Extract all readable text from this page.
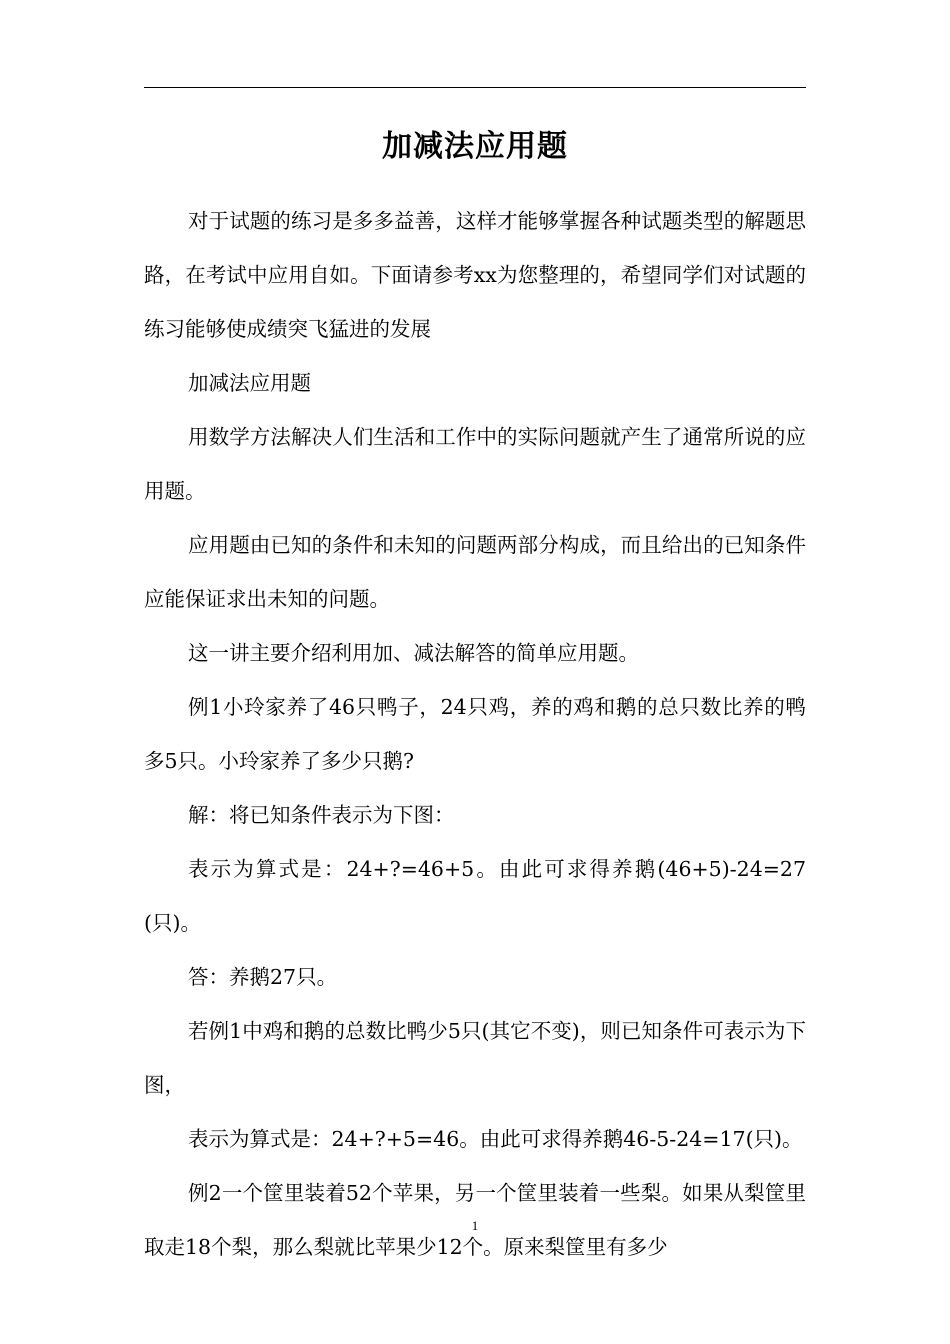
加减法应用题

对于试题的练习是多多益善，这样才能够掌握各种试题类型的解题思路，在考试中应用自如。下面请参考xx为您整理的，希望同学们对试题的练习能够使成绩突飞猛进的发展

加减法应用题

用数学方法解决人们生活和工作中的实际问题就产生了通常所说的应用题。

应用题由已知的条件和未知的问题两部分构成，而且给出的已知条件应能保证求出未知的问题。

这一讲主要介绍利用加、减法解答的简单应用题。

例1小玲家养了46只鸭子，24只鸡，养的鸡和鹅的总只数比养的鸭多5只。小玲家养了多少只鹅?

解：将已知条件表示为下图：

表示为算式是：24+?=46+5。由此可求得养鹅(46+5)-24=27(只)。

答：养鹅27只。

若例1中鸡和鹅的总数比鸭少5只(其它不变)，则已知条件可表示为下图，

表示为算式是：24+?+5=46。由此可求得养鹅46-5-24=17(只)。

例2一个筐里装着52个苹果，另一个筐里装着一些梨。如果从梨筐里取走18个梨，那么梨就比苹果少12个。原来梨筐里有多少

1
